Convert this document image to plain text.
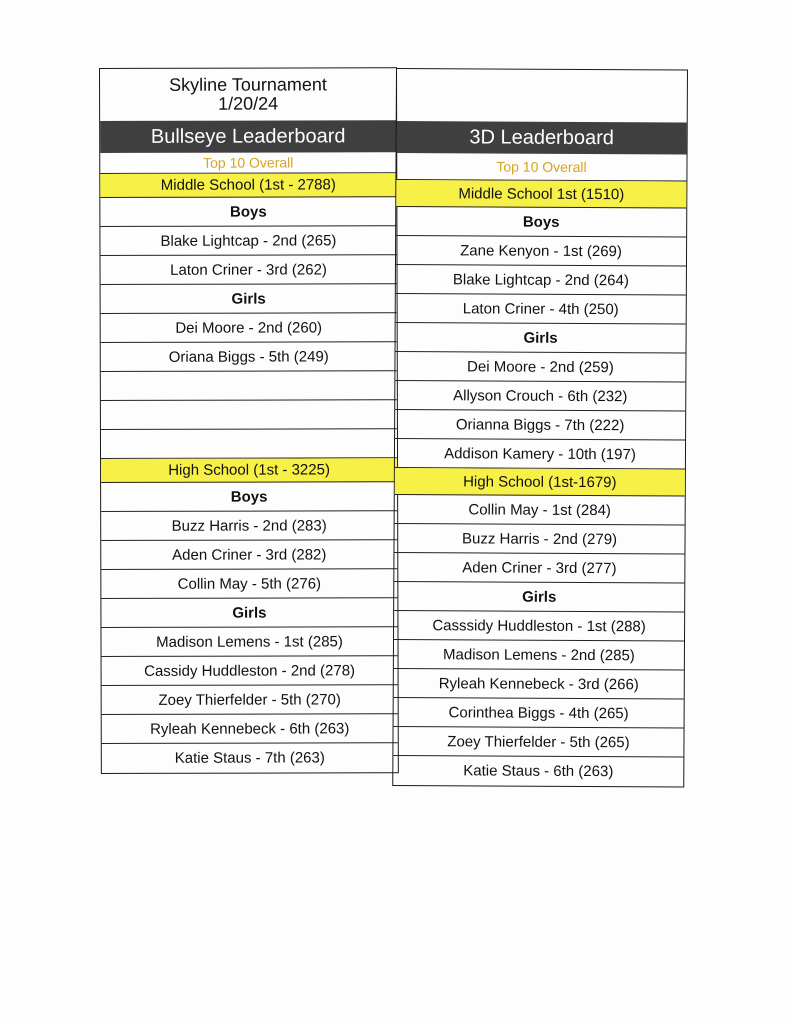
Skyline Tournament
1/20/24
Bullseye Leaderboard
Top 10 Overall
Middle School (1st - 2788)
Boys
Blake Lightcap - 2nd (265)
Laton Criner - 3rd (262)
Girls
Dei Moore - 2nd (260)
Oriana Biggs - 5th (249)
High School (1st - 3225)
Boys
Buzz Harris - 2nd (283)
Aden Criner - 3rd (282)
Collin May - 5th (276)
Girls
Madison Lemens - 1st (285)
Cassidy Huddleston - 2nd (278)
Zoey Thierfelder - 5th (270)
Ryleah Kennebeck - 6th (263)
Katie Staus - 7th (263)
3D Leaderboard
Top 10 Overall
Middle School 1st (1510)
Boys
Zane Kenyon - 1st (269)
Blake Lightcap - 2nd (264)
Laton Criner - 4th (250)
Girls
Dei Moore - 2nd (259)
Allyson Crouch - 6th (232)
Orianna Biggs - 7th (222)
Addison Kamery - 10th (197)
High School (1st-1679)
Collin May - 1st (284)
Buzz Harris - 2nd (279)
Aden Criner - 3rd (277)
Girls
Casssidy Huddleston - 1st (288)
Madison Lemens - 2nd (285)
Ryleah Kennebeck - 3rd (266)
Corinthea Biggs - 4th (265)
Zoey Thierfelder - 5th (265)
Katie Staus - 6th (263)
